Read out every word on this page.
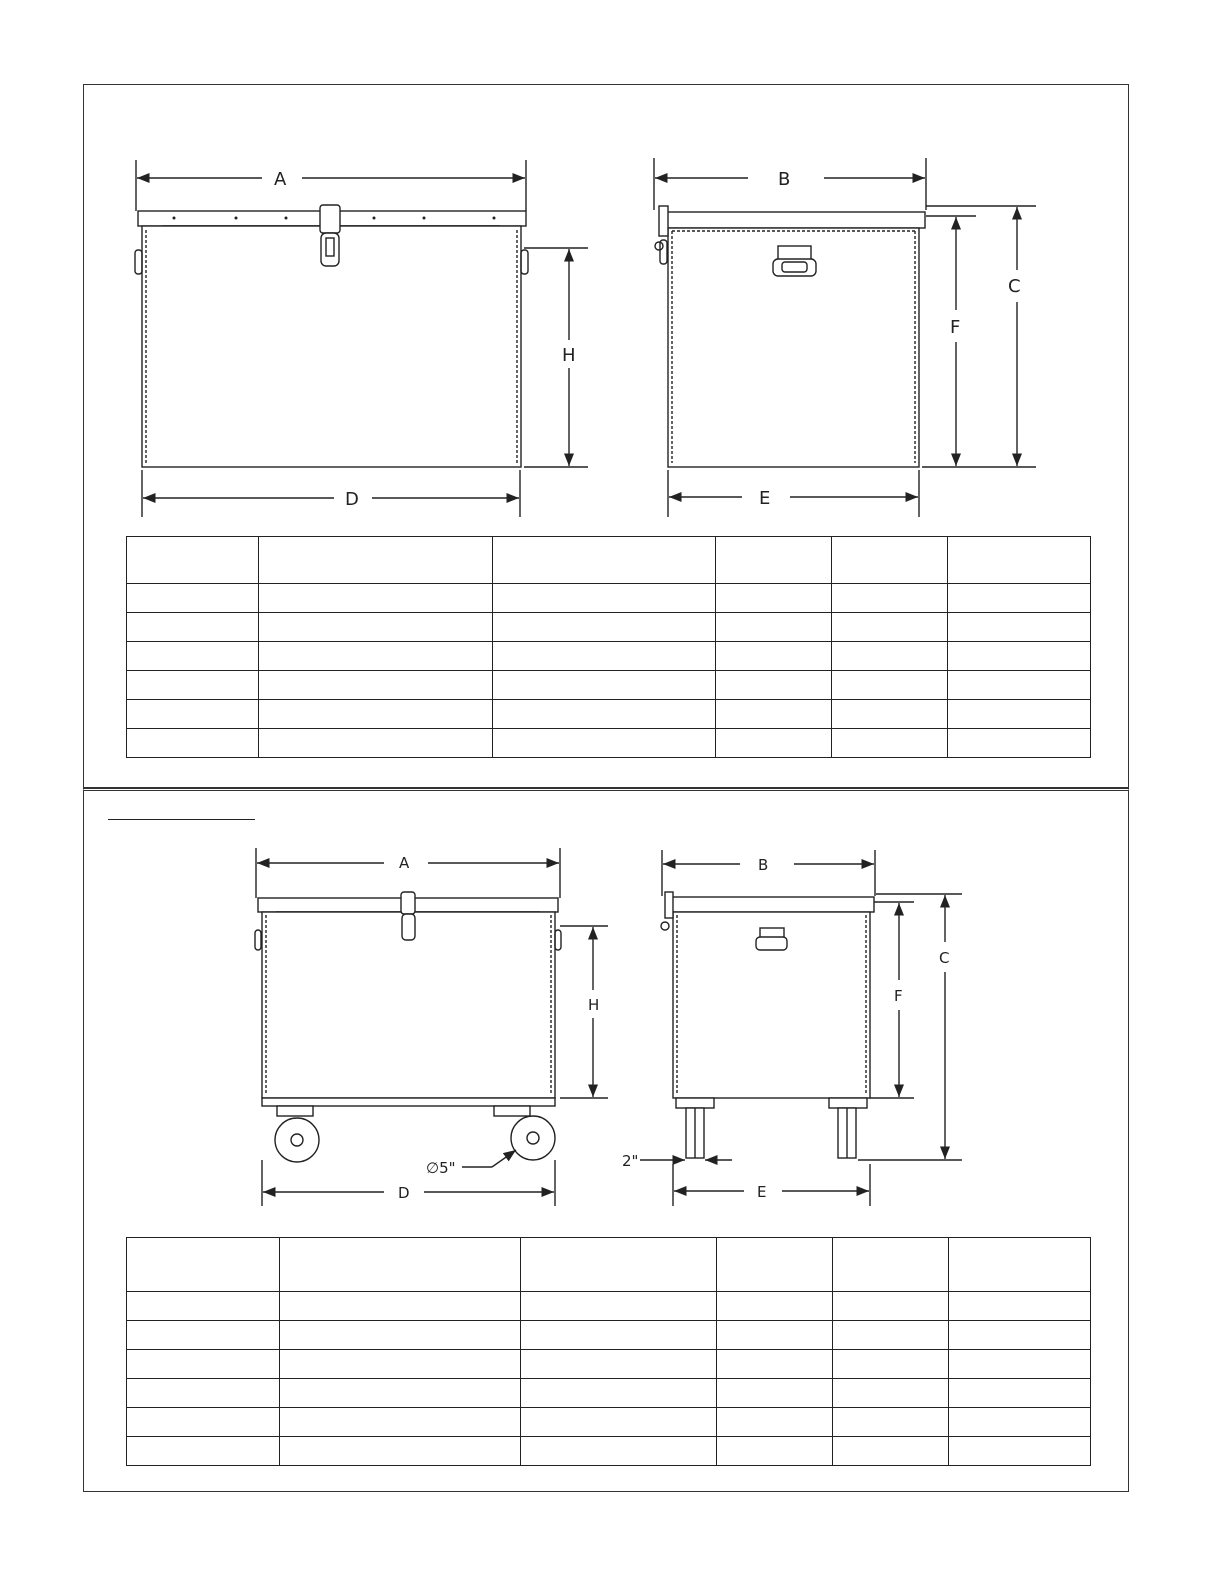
A
H
D
B
C
F
E
A
H
D
∅5"
B
C
F
E
2"
